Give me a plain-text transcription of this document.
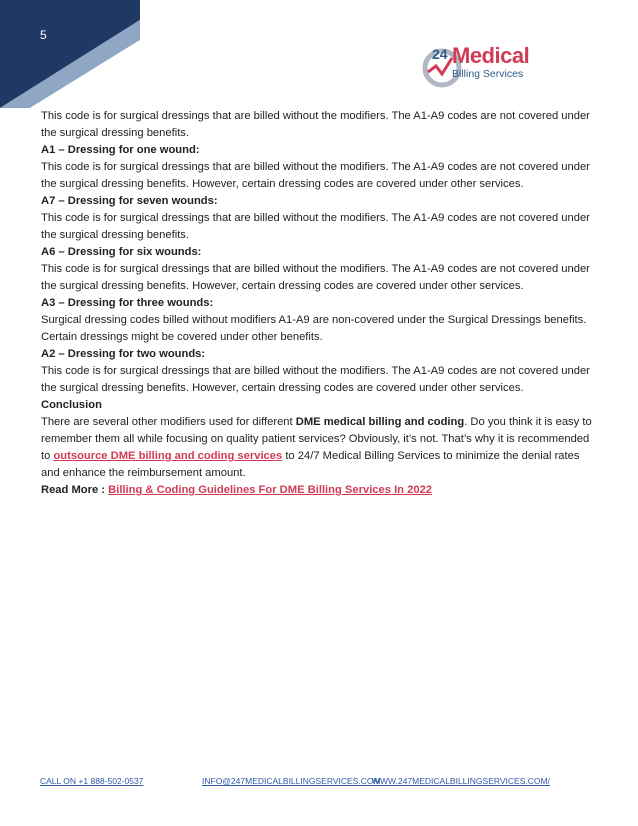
5
24 Medical
Billing Services

This code is for surgical dressings that are billed without the modifiers. The A1-A9 codes are not covered under the surgical dressing benefits.

A1 – Dressing for one wound:

This code is for surgical dressings that are billed without the modifiers. The A1-A9 codes are not covered under the surgical dressing benefits. However, certain dressing codes are covered under other services.

A7 – Dressing for seven wounds:

This code is for surgical dressings that are billed without the modifiers. The A1-A9 codes are not covered under the surgical dressing benefits.

A6 – Dressing for six wounds:

This code is for surgical dressings that are billed without the modifiers. The A1-A9 codes are not covered under the surgical dressing benefits. However, certain dressing codes are covered under other services.

A3 – Dressing for three wounds:

Surgical dressing codes billed without modifiers A1-A9 are non-covered under the Surgical Dressings benefits. Certain dressings might be covered under other benefits.

A2 – Dressing for two wounds:

This code is for surgical dressings that are billed without the modifiers. The A1-A9 codes are not covered under the surgical dressing benefits. However, certain dressing codes are covered under other services.

Conclusion

There are several other modifiers used for different DME medical billing and coding. Do you think it is easy to remember them all while focusing on quality patient services? Obviously, it’s not. That’s why it is recommended to outsource DME billing and coding services to 24/7 Medical Billing Services to minimize the denial rates and enhance the reimbursement amount.

Read More : Billing & Coding Guidelines For DME Billing Services In 2022

CALL ON +1 888-502-0537	INFO@247MEDICALBILLINGSERVICES.COM
WWW.247MEDICALBILLINGSERVICES.COM/
